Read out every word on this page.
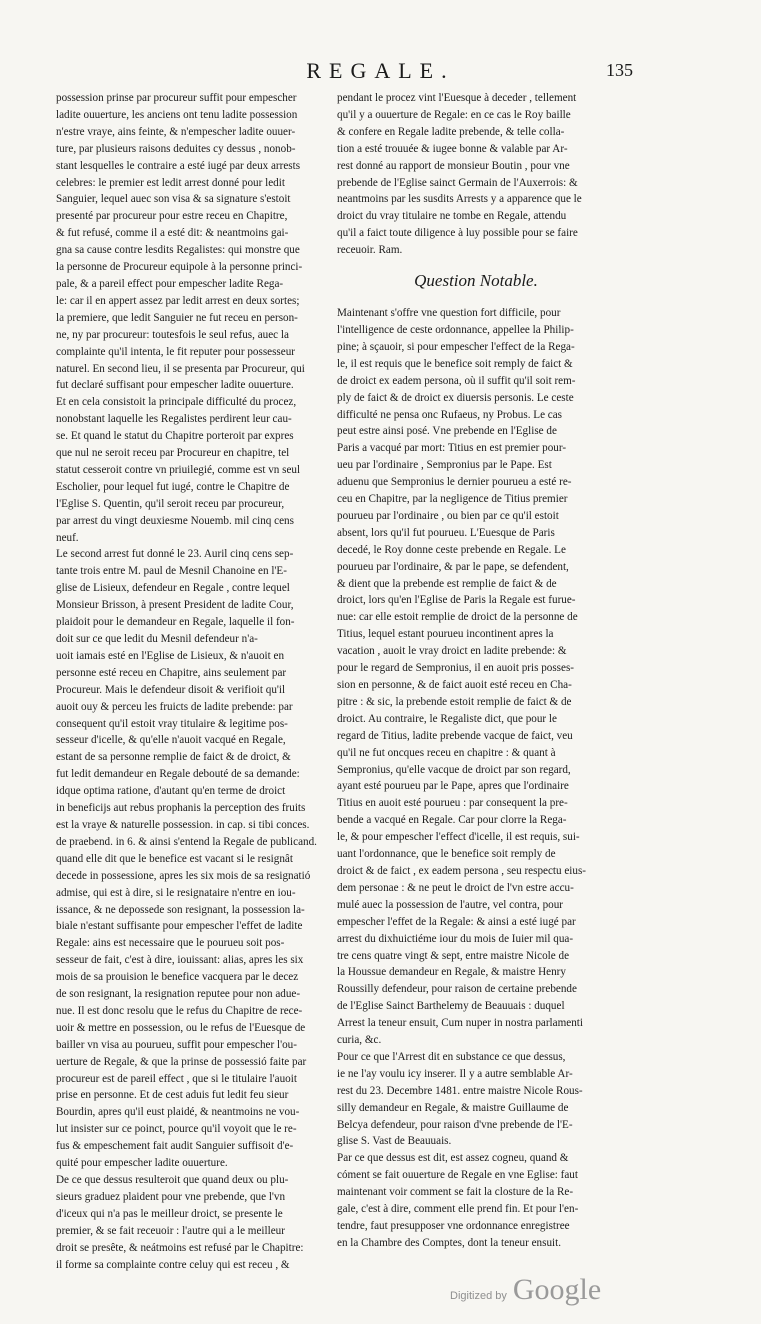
REGALE.	135
possession prinse par procureur suffit pour empescher
ladite ouuerture, les anciens ont tenu ladite possession
n'estre vraye, ains feinte, & n'empescher ladite ouuer-
ture, par plusieurs raisons deduites cy dessus , nonob-
stant lesquelles le contraire a esté iugé par deux arrests
celebres: le premier est ledit arrest donné pour ledit
Sanguier, lequel auec son visa & sa signature s'estoit
presenté par procureur pour estre receu en Chapitre,
& fut refusé, comme il a esté dit: & neantmoins gai-
gna sa cause contre lesdits Regalistes: qui monstre que
la personne de Procureur equipole à la personne princi-
pale, & a pareil effect pour empescher ladite Rega-
le: car il en appert assez par ledit arrest en deux sortes;
la premiere, que ledit Sanguier ne fut receu en person-
ne, ny par procureur: toutesfois le seul refus, auec la
complainte qu'il intenta, le fit reputer pour possesseur
naturel. En second lieu, il se presenta par Procureur, qui
fut declaré suffisant pour empescher ladite ouuerture.
Et en cela consistoit la principale difficulté du procez,
nonobstant laquelle les Regalistes perdirent leur cau-
se. Et quand le statut du Chapitre porteroit par expres
que nul ne seroit receu par Procureur en chapitre, tel
statut cesseroit contre vn priuilegié, comme est vn seul
Escholier, pour lequel fut iugé, contre le Chapitre de
l'Eglise S. Quentin, qu'il seroit receu par procureur,
par arrest du vingt deuxiesme Nouemb. mil cinq cens
neuf.
Le second arrest fut donné le 23. Auril cinq cens sep-
tante trois entre M. paul de Mesnil Chanoine en l'E-
glise de Lisieux, defendeur en Regale , contre lequel
Monsieur Brisson, à present President de ladite Cour,
plaidoit pour le demandeur en Regale, laquelle il fon-
doit sur ce que ledit du Mesnil defendeur n'a-
uoit iamais esté en l'Eglise de Lisieux, & n'auoit en
personne esté receu en Chapitre, ains seulement par
Procureur. Mais le defendeur disoit & verifioit qu'il
auoit ouy & perceu les fruicts de ladite prebende: par
consequent qu'il estoit vray titulaire & legitime pos-
sesseur d'icelle, & qu'elle n'auoit vacqué en Regale,
estant de sa personne remplie de faict & de droict, &
fut ledit demandeur en Regale debouté de sa demande:
idque optima ratione, d'autant qu'en terme de droict
in beneficijs aut rebus prophanis la perception des fruits
est la vraye & naturelle possession. in cap. si tibi conces.
de praebend. in 6. & ainsi s'entend la Regale de publicand.
quand elle dit que le benefice est vacant si le resignât
decede in possessione, apres les six mois de sa resignatió
admise, qui est à dire, si le resignataire n'entre en iou-
issance, & ne depossede son resignant, la possession la-
biale n'estant suffisante pour empescher l'effet de ladite
Regale: ains est necessaire que le pourueu soit pos-
sesseur de fait, c'est à dire, iouissant: alias, apres les six
mois de sa prouision le benefice vacquera par le decez
de son resignant, la resignation reputee pour non adue-
nue. Il est donc resolu que le refus du Chapitre de rece-
uoir & mettre en possession, ou le refus de l'Euesque de
bailler vn visa au pourueu, suffit pour empescher l'ou-
uerture de Regale, & que la prinse de possessió faite par
procureur est de pareil effect , que si le titulaire l'auoit
prise en personne. Et de cest aduis fut ledit feu sieur
Bourdin, apres qu'il eust plaidé, & neantmoins ne vou-
lut insister sur ce poinct, pource qu'il voyoit que le re-
fus & empeschement fait audit Sanguier suffisoit d'e-
quité pour empescher ladite ouuerture.
De ce que dessus resulteroit que quand deux ou plu-
sieurs graduez plaident pour vne prebende, que l'vn
d'iceux qui n'a pas le meilleur droict, se presente le
premier, & se fait receuoir : l'autre qui a le meilleur
droit se presête, & neátmoins est refusé par le Chapitre:
il forme sa complainte contre celuy qui est receu , &
pendant le procez vint l'Euesque à deceder , tellement
qu'il y a ouuerture de Regale: en ce cas le Roy baille
& confere en Regale ladite prebende, & telle colla-
tion a esté trouuée & iugee bonne & valable par Ar-
rest donné au rapport de monsieur Boutin , pour vne
prebende de l'Eglise sainct Germain de l'Auxerrois: &
neantmoins par les susdits Arrests y a apparence que le
droict du vray titulaire ne tombe en Regale, attendu
qu'il a faict toute diligence à luy possible pour se faire
receuoir. Ram.
Question Notable.
Maintenant s'offre vne question fort difficile, pour
l'intelligence de ceste ordonnance, appellee la Philip-
pine; à sçauoir, si pour empescher l'effect de la Rega-
le, il est requis que le benefice soit remply de faict &
de droict ex eadem persona, où il suffit qu'il soit rem-
ply de faict & de droict ex diuersis personis. Le ceste
difficulté ne pensa onc Rufaeus, ny Probus. Le cas
peut estre ainsi posé. Vne prebende en l'Eglise de
Paris a vacqué par mort: Titius en est premier pour-
ueu par l'ordinaire , Sempronius par le Pape. Est
aduenu que Sempronius le dernier pourueu a esté re-
ceu en Chapitre, par la negligence de Titius premier
pourueu par l'ordinaire , ou bien par ce qu'il estoit
absent, lors qu'il fut pourueu. L'Euesque de Paris
decedé, le Roy donne ceste prebende en Regale. Le
pourueu par l'ordinaire, & par le pape, se defendent,
& dient que la prebende est remplie de faict & de
droict, lors qu'en l'Eglise de Paris la Regale est furue-
nue: car elle estoit remplie de droict de la personne de
Titius, lequel estant pourueu incontinent apres la
vacation , auoit le vray droict en ladite prebende: &
pour le regard de Sempronius, il en auoit pris posses-
sion en personne, & de faict auoit esté receu en Cha-
pitre : & sic, la prebende estoit remplie de faict & de
droict. Au contraire, le Regaliste dict, que pour le
regard de Titius, ladite prebende vacque de faict, veu
qu'il ne fut oncques receu en chapitre : & quant à
Sempronius, qu'elle vacque de droict par son regard,
ayant esté pourueu par le Pape, apres que l'ordinaire
Titius en auoit esté pourueu : par consequent la pre-
bende a vacqué en Regale. Car pour clorre la Rega-
le, & pour empescher l'effect d'icelle, il est requis, sui-
uant l'ordonnance, que le benefice soit remply de
droict & de faict , ex eadem persona , seu respectu eius-
dem personae : & ne peut le droict de l'vn estre accu-
mulé auec la possession de l'autre, vel contra, pour
empescher l'effet de la Regale: & ainsi a esté iugé par
arrest du dixhuictiéme iour du mois de Iuier mil qua-
tre cens quatre vingt & sept, entre maistre Nicole de
la Houssue demandeur en Regale, & maistre Henry
Roussilly defendeur, pour raison de certaine prebende
de l'Eglise Sainct Barthelemy de Beauuais : duquel
Arrest la teneur ensuit, Cum nuper in nostra parlamenti
curia, &c.
Pour ce que l'Arrest dit en substance ce que dessus,
ie ne l'ay voulu icy inserer. Il y a autre semblable Ar-
rest du 23. Decembre 1481. entre maistre Nicole Rous-
silly demandeur en Regale, & maistre Guillaume de
Belcya defendeur, pour raison d'vne prebende de l'E-
glise S. Vast de Beauuais.
Par ce que dessus est dit, est assez cogneu, quand &
cóment se fait ouuerture de Regale en vne Eglise: faut
maintenant voir comment se fait la closture de la Re-
gale, c'est à dire, comment elle prend fin. Et pour l'en-
tendre, faut presupposer vne ordonnance enregistree
en la Chambre des Comptes, dont la teneur ensuit.
Digitized by Google
